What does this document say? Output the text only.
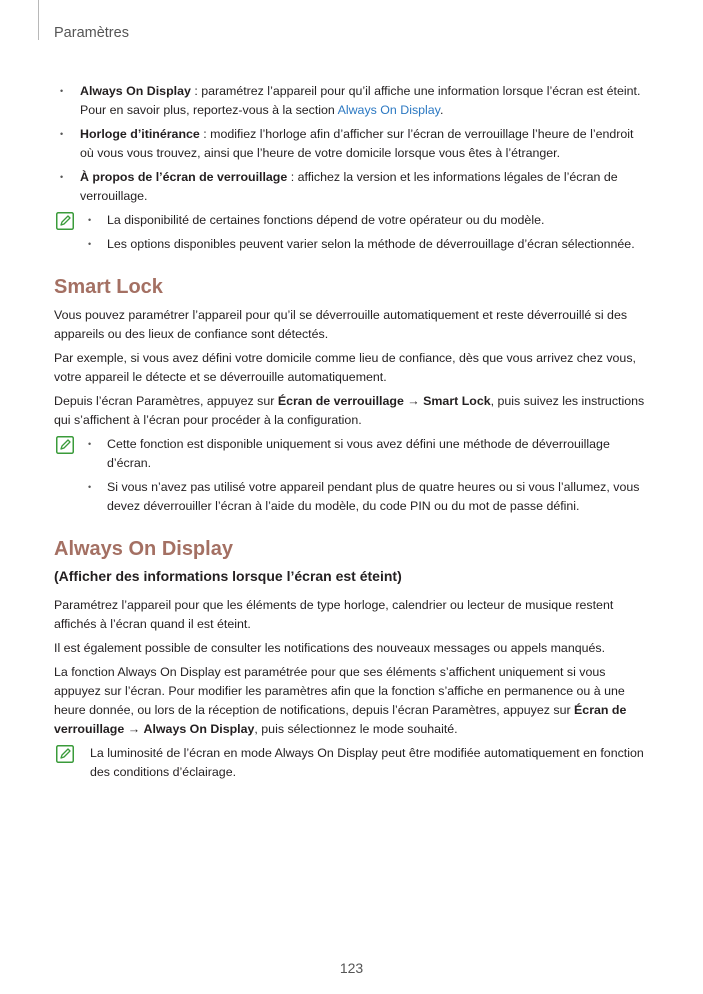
Paramètres
• Always On Display : paramétrez l’appareil pour qu’il affiche une information lorsque l’écran est éteint. Pour en savoir plus, reportez-vous à la section Always On Display.
• Horloge d’itinérance : modifiez l’horloge afin d’afficher sur l’écran de verrouillage l’heure de l’endroit où vous vous trouvez, ainsi que l’heure de votre domicile lorsque vous êtes à l’étranger.
• À propos de l’écran de verrouillage : affichez la version et les informations légales de l’écran de verrouillage.
• La disponibilité de certaines fonctions dépend de votre opérateur ou du modèle.
• Les options disponibles peuvent varier selon la méthode de déverrouillage d’écran sélectionnée.
Smart Lock

Vous pouvez paramétrer l’appareil pour qu’il se déverrouille automatiquement et reste déverrouillé si des appareils ou des lieux de confiance sont détectés.

Par exemple, si vous avez défini votre domicile comme lieu de confiance, dès que vous arrivez chez vous, votre appareil le détecte et se déverrouille automatiquement.

Depuis l’écran Paramètres, appuyez sur Écran de verrouillage → Smart Lock, puis suivez les instructions qui s’affichent à l’écran pour procéder à la configuration.

• Cette fonction est disponible uniquement si vous avez défini une méthode de déverrouillage d’écran.
• Si vous n’avez pas utilisé votre appareil pendant plus de quatre heures ou si vous l’allumez, vous devez déverrouiller l’écran à l’aide du modèle, du code PIN ou du mot de passe défini.
Always On Display
(Afficher des informations lorsque l’écran est éteint)

Paramétrez l’appareil pour que les éléments de type horloge, calendrier ou lecteur de musique restent affichés à l’écran quand il est éteint.

Il est également possible de consulter les notifications des nouveaux messages ou appels manqués.

La fonction Always On Display est paramétrée pour que ses éléments s’affichent uniquement si vous appuyez sur l’écran. Pour modifier les paramètres afin que la fonction s’affiche en permanence ou à une heure donnée, ou lors de la réception de notifications, depuis l’écran Paramètres, appuyez sur Écran de verrouillage → Always On Display, puis sélectionnez le mode souhaité.

La luminosité de l’écran en mode Always On Display peut être modifiée automatiquement en fonction des conditions d’éclairage.

123
